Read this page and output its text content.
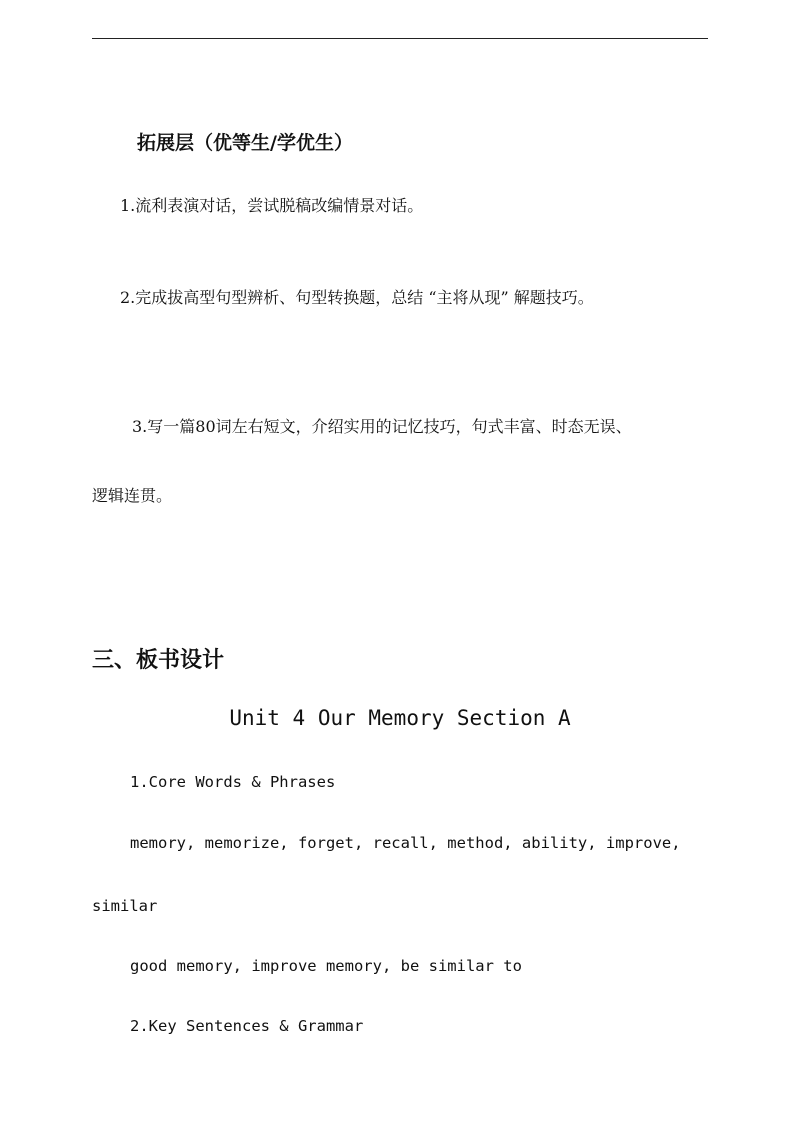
拓展层（优等生/学优生）
1.流利表演对话，尝试脱稿改编情景对话。
2.完成拔高型句型辨析、句型转换题，总结 “主将从现” 解题技巧。
3.写一篇80词左右短文，介绍实用的记忆技巧，句式丰富、时态无误、
逻辑连贯。
三、板书设计
Unit 4 Our Memory Section A
1.Core Words & Phrases
memory, memorize, forget, recall, method, ability, improve,
similar
good memory, improve memory, be similar to
2.Key Sentences & Grammar
